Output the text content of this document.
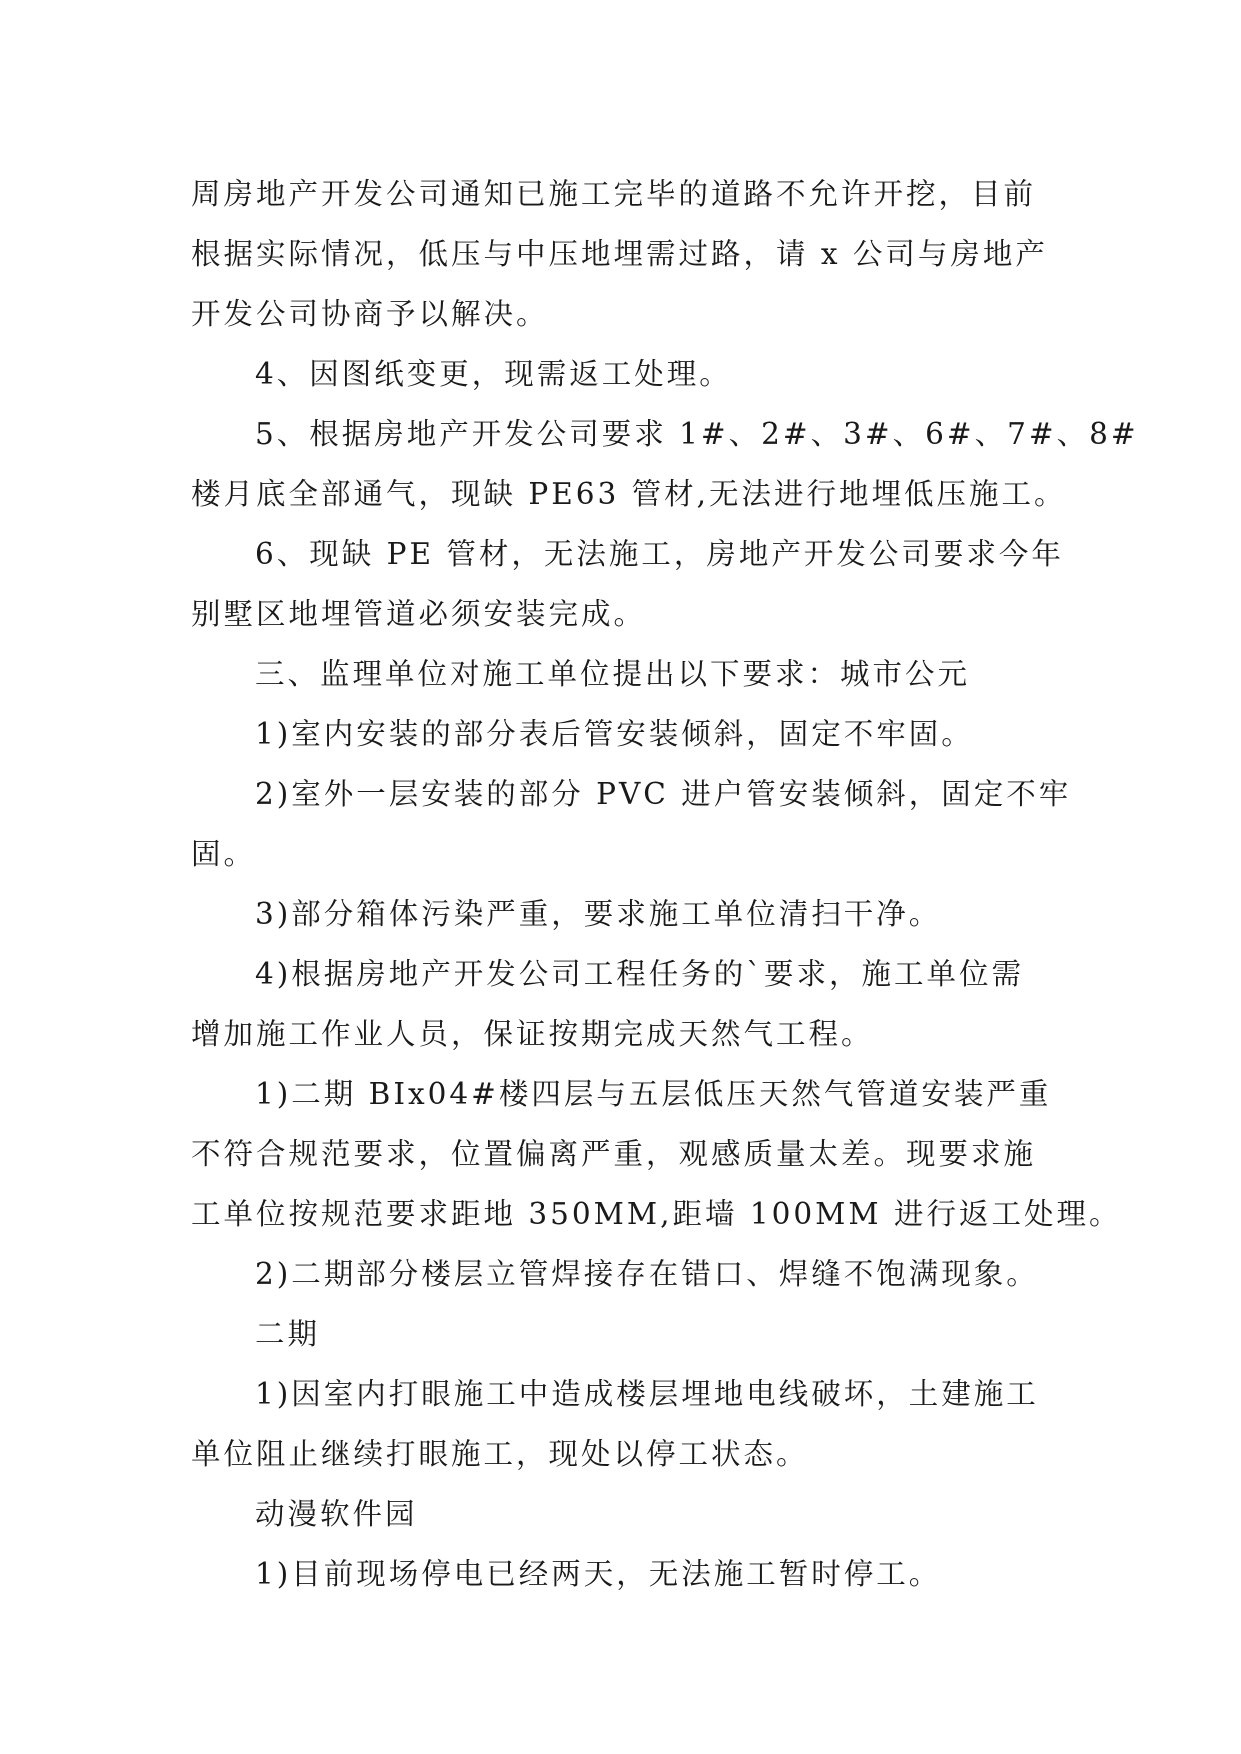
周房地产开发公司通知已施工完毕的道路不允许开挖，目前
根据实际情况，低压与中压地埋需过路，请 x 公司与房地产
开发公司协商予以解决。
4、因图纸变更，现需返工处理。
5、根据房地产开发公司要求 1#、2#、3#、6#、7#、8#
楼月底全部通气，现缺 PE63 管材,无法进行地埋低压施工。
6、现缺 PE 管材，无法施工，房地产开发公司要求今年
别墅区地埋管道必须安装完成。
三、监理单位对施工单位提出以下要求：城市公元
1)室内安装的部分表后管安装倾斜，固定不牢固。
2)室外一层安装的部分 PVC 进户管安装倾斜，固定不牢
固。
3)部分箱体污染严重，要求施工单位清扫干净。
4)根据房地产开发公司工程任务的`要求，施工单位需
增加施工作业人员，保证按期完成天然气工程。
1)二期 BIx04#楼四层与五层低压天然气管道安装严重
不符合规范要求，位置偏离严重，观感质量太差。现要求施
工单位按规范要求距地 350MM,距墙 100MM 进行返工处理。
2)二期部分楼层立管焊接存在错口、焊缝不饱满现象。
二期
1)因室内打眼施工中造成楼层埋地电线破坏，土建施工
单位阻止继续打眼施工，现处以停工状态。
动漫软件园
1)目前现场停电已经两天，无法施工暂时停工。
